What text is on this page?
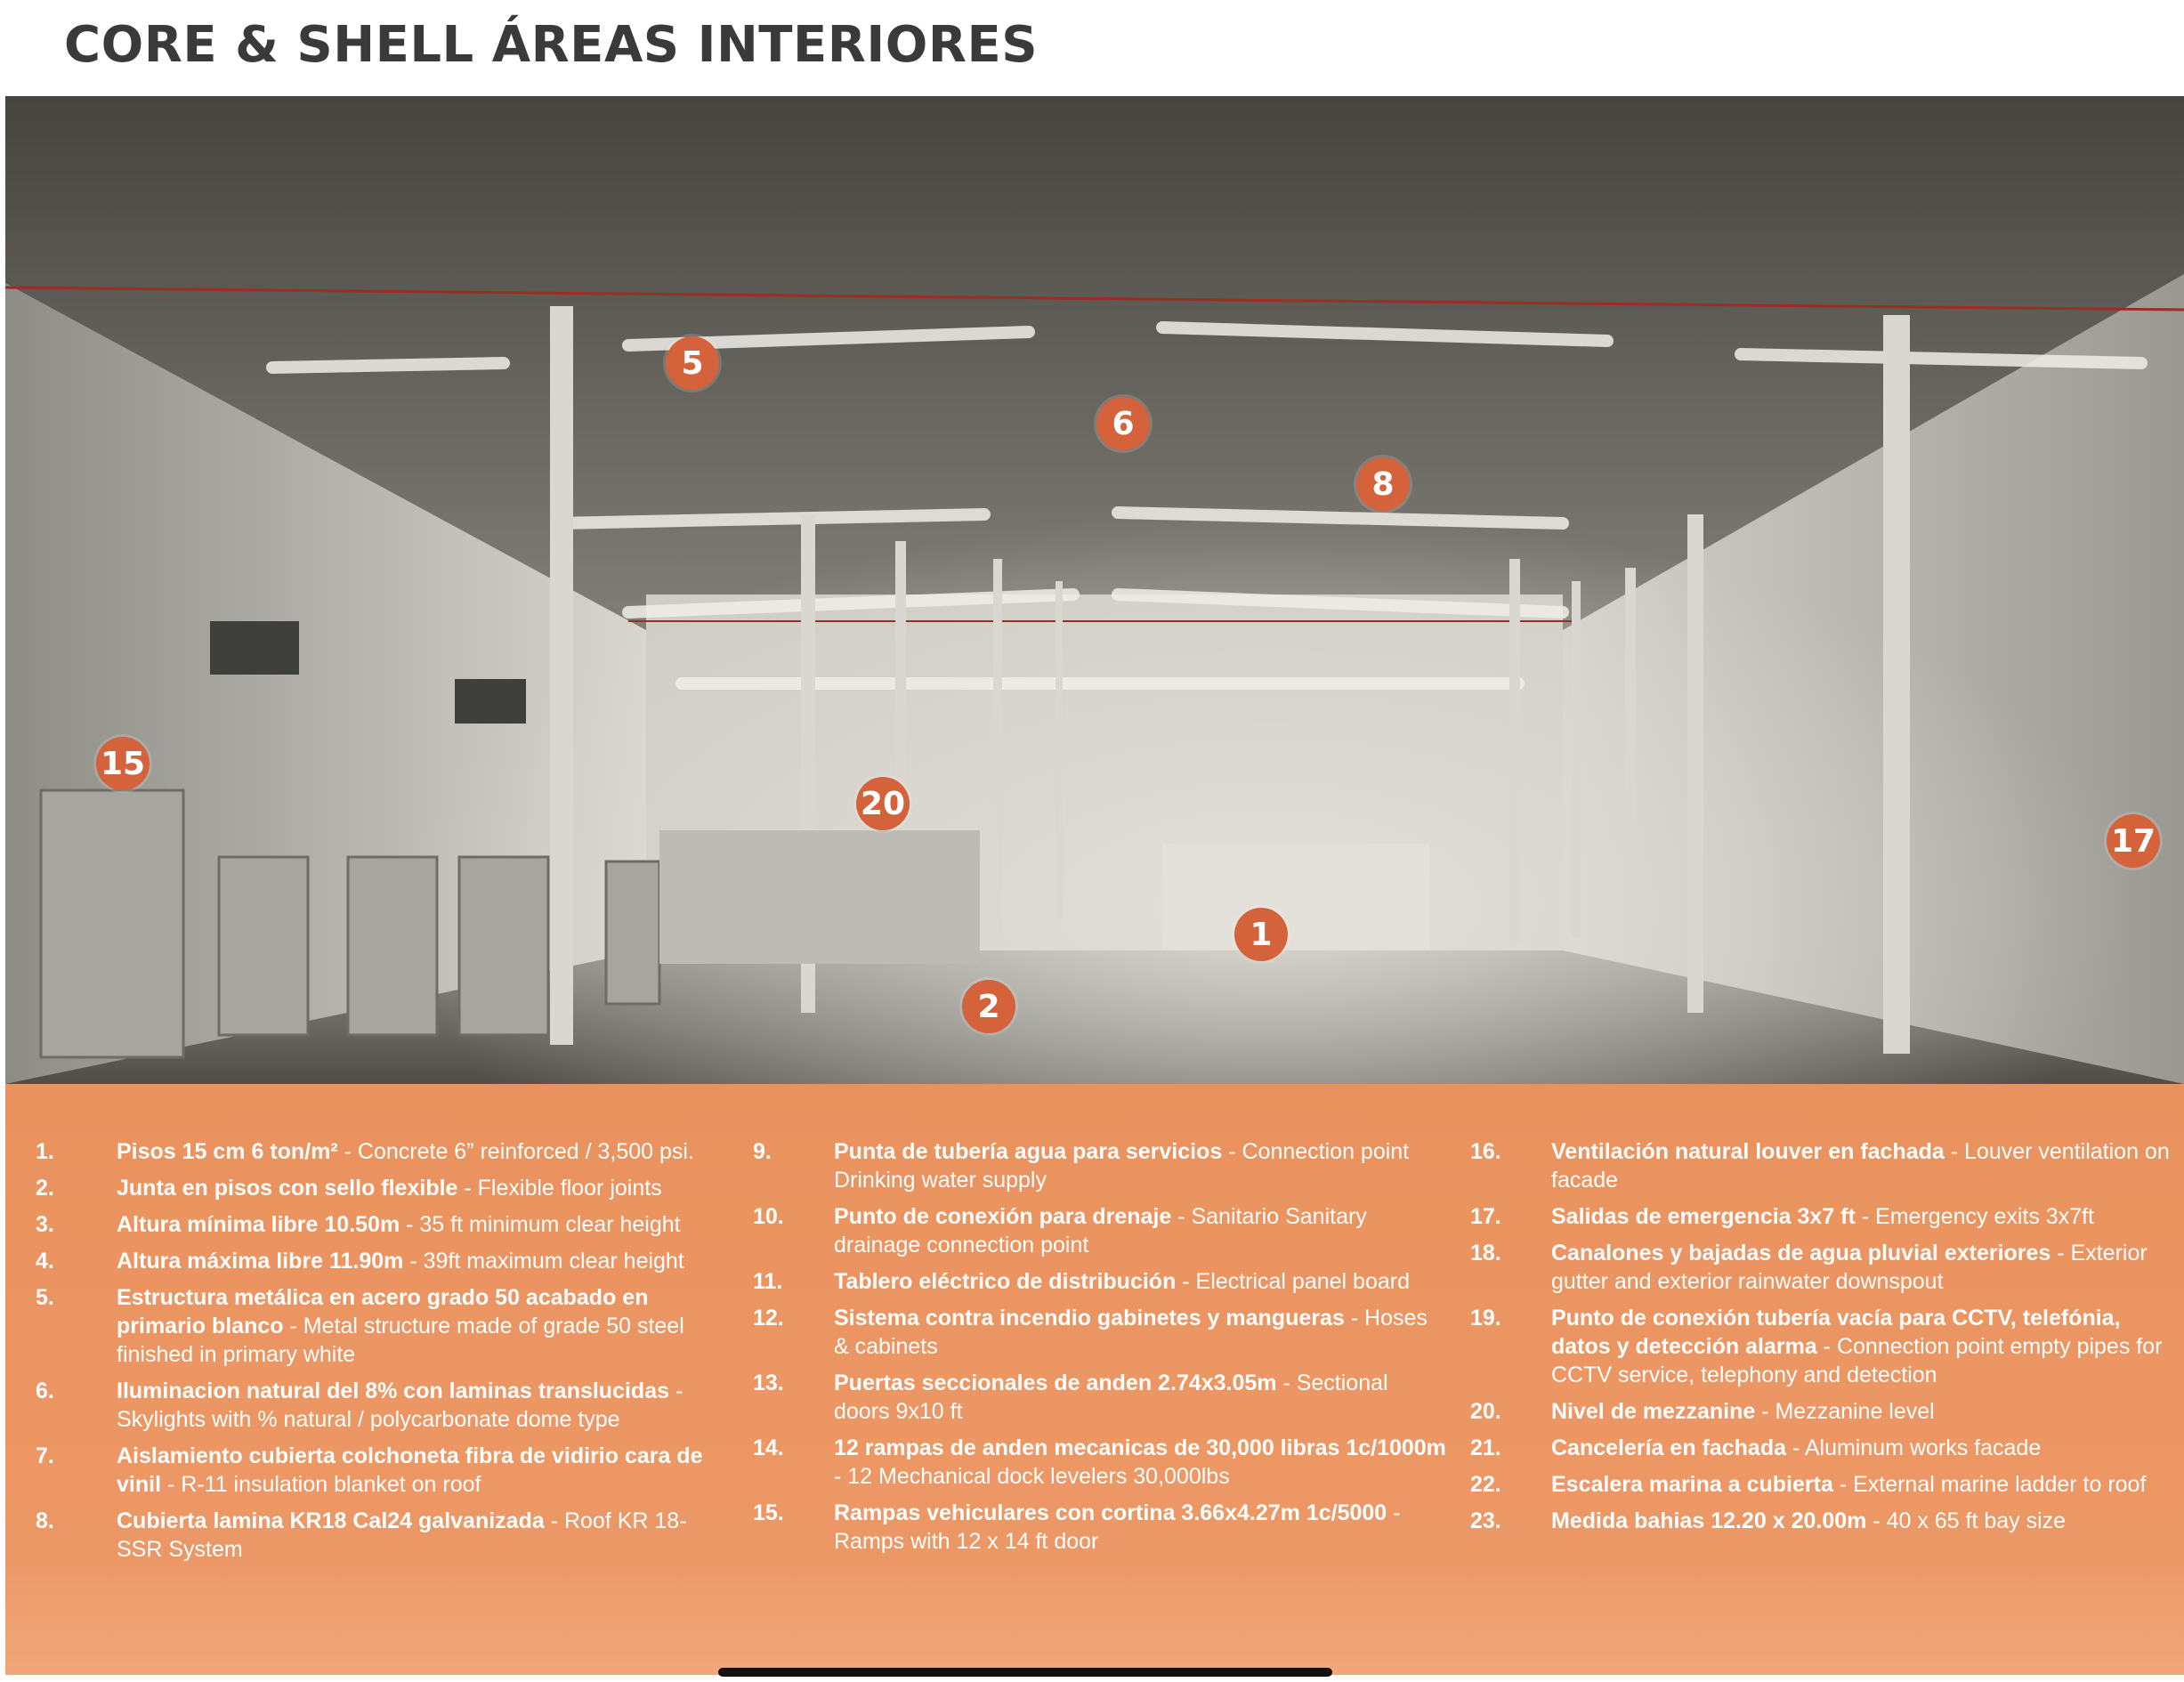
CORE & SHELL ÁREAS INTERIORES
5
6
8
15
20
1
2
17
1.	Pisos 15 cm 6 ton/m² - Concrete 6” reinforced / 3,500 psi.
2.	Junta en pisos con sello flexible - Flexible floor joints
3.	Altura mínima libre 10.50m - 35 ft minimum clear height
4.	Altura máxima libre 11.90m - 39ft maximum clear height
5.	Estructura metálica en acero grado 50 acabado en primario blanco - Metal structure made of grade 50 steel finished in primary white
6.	Iluminacion natural del 8% con laminas translucidas - Skylights with % natural / polycarbonate dome type
7.	Aislamiento cubierta colchoneta fibra de vidirio cara de vinil - R-11 insulation blanket on roof
8.	Cubierta lamina KR18 Cal24 galvanizada - Roof KR 18-SSR System
9.	Punta de tubería agua para servicios - Connection point Drinking water supply
10. Punto de conexión para drenaje - Sanitario Sanitary drainage connection point
11. Tablero eléctrico de distribución - Electrical panel board
12. Sistema contra incendio gabinetes y mangueras - Hoses & cabinets
13. Puertas seccionales de anden 2.74x3.05m - Sectional doors 9x10 ft
14. 12 rampas de anden mecanicas de 30,000 libras 1c/1000m - 12 Mechanical dock levelers 30,000lbs
15. Rampas vehiculares con cortina 3.66x4.27m 1c/5000 - Ramps with 12 x 14 ft door
16. Ventilación natural louver en fachada - Louver ventilation on facade
17. Salidas de emergencia 3x7 ft - Emergency exits 3x7ft
18. Canalones y bajadas de agua pluvial exteriores - Exterior gutter and exterior rainwater downspout
19. Punto de conexión tubería vacía para CCTV, telefónia, datos y detección alarma - Connection point empty pipes for CCTV service, telephony and detection
20. Nivel de mezzanine - Mezzanine level
21. Cancelería en fachada - Aluminum works facade
22. Escalera marina a cubierta - External marine ladder to roof
23. Medida bahias 12.20 x 20.00m - 40 x 65 ft bay size
